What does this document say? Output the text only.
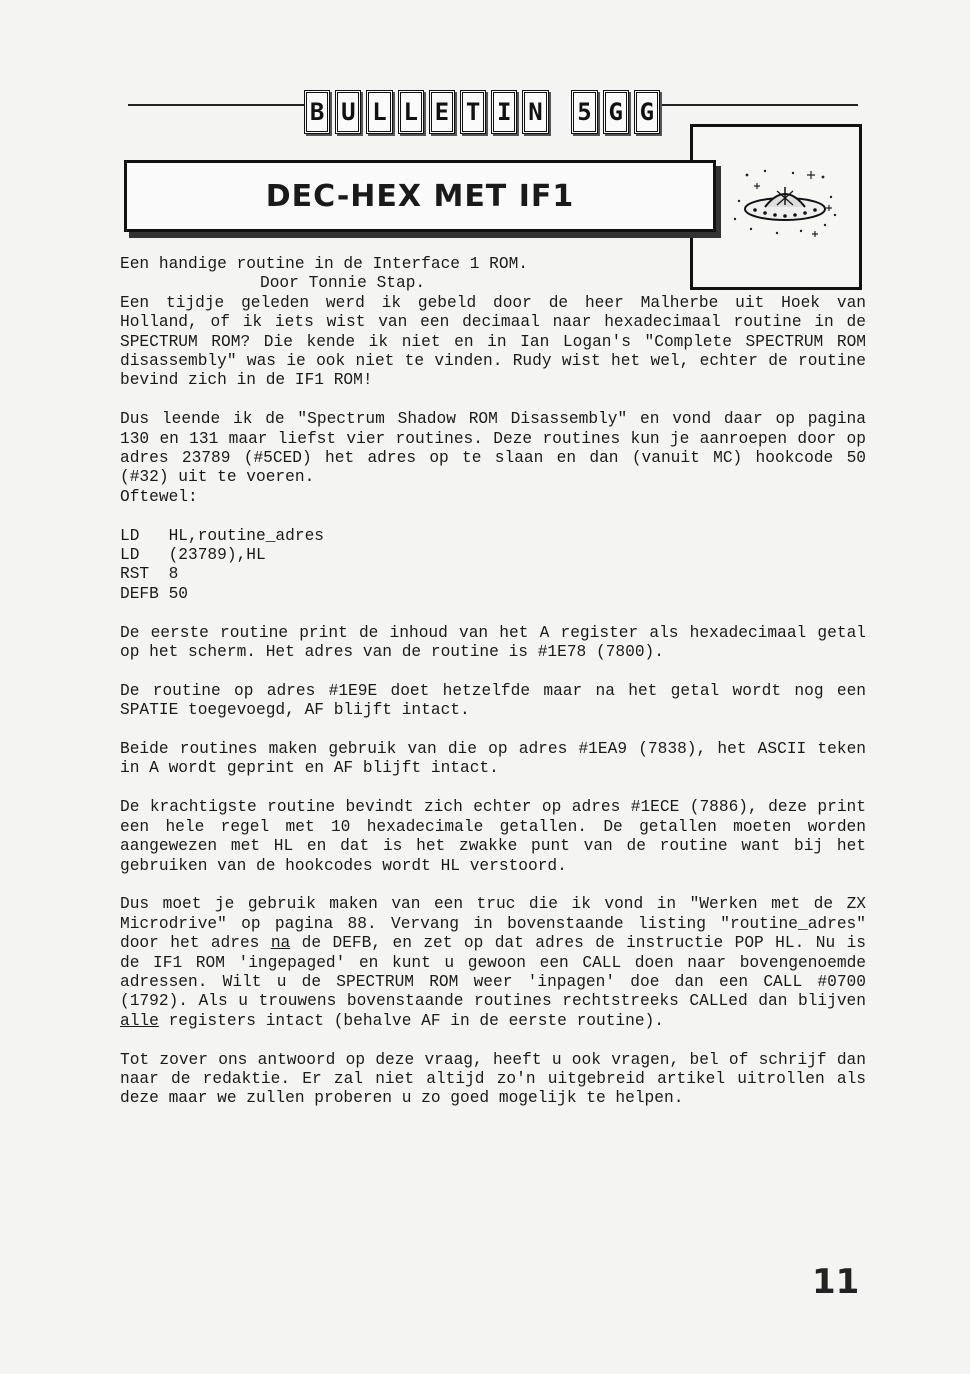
B U L L E T I N 5 G G
DEC-HEX MET IF1
Een handige routine in de Interface 1 ROM.
Door Tonnie Stap.

Een tijdje geleden werd ik gebeld door de heer Malherbe uit Hoek van Holland, of ik iets wist van een decimaal naar hexadecimaal routine in de SPECTRUM ROM? Die kende ik niet en in Ian Logan's "Complete SPECTRUM ROM disassembly" was ie ook niet te vinden. Rudy wist het wel, echter de routine bevind zich in de IF1 ROM!

Dus leende ik de "Spectrum Shadow ROM Disassembly" en vond daar op pagina 130 en 131 maar liefst vier routines. Deze routines kun je aanroepen door op adres 23789 (#5CED) het adres op te slaan en dan (vanuit MC) hookcode 50 (#32) uit te voeren.

Oftewel:
LD   HL,routine_adres
LD   (23789),HL
RST  8
DEFB 50

De eerste routine print de inhoud van het A register als hexadecimaal getal op het scherm. Het adres van de routine is #1E78 (7800).

De routine op adres #1E9E doet hetzelfde maar na het getal wordt nog een SPATIE toegevoegd, AF blijft intact.

Beide routines maken gebruik van die op adres #1EA9 (7838), het ASCII teken in A wordt geprint en AF blijft intact.

De krachtigste routine bevindt zich echter op adres #1ECE (7886), deze print een hele regel met 10 hexadecimale getallen. De getallen moeten worden aangewezen met HL en dat is het zwakke punt van de routine want bij het gebruiken van de hookcodes wordt HL verstoord.

Dus moet je gebruik maken van een truc die ik vond in "Werken met de ZX Microdrive" op pagina 88. Vervang in bovenstaande listing "routine_adres" door het adres na de DEFB, en zet op dat adres de instructie POP HL. Nu is de IF1 ROM 'ingepaged' en kunt u gewoon een CALL doen naar bovengenoemde adressen. Wilt u de SPECTRUM ROM weer 'inpagen' doe dan een CALL #0700 (1792). Als u trouwens bovenstaande routines rechtstreeks CALLed dan blijven alle registers intact (behalve AF in de eerste routine).

Tot zover ons antwoord op deze vraag, heeft u ook vragen, bel of schrijf dan naar de redaktie. Er zal niet altijd zo'n uitgebreid artikel uitrollen als deze maar we zullen proberen u zo goed mogelijk te helpen.

11
